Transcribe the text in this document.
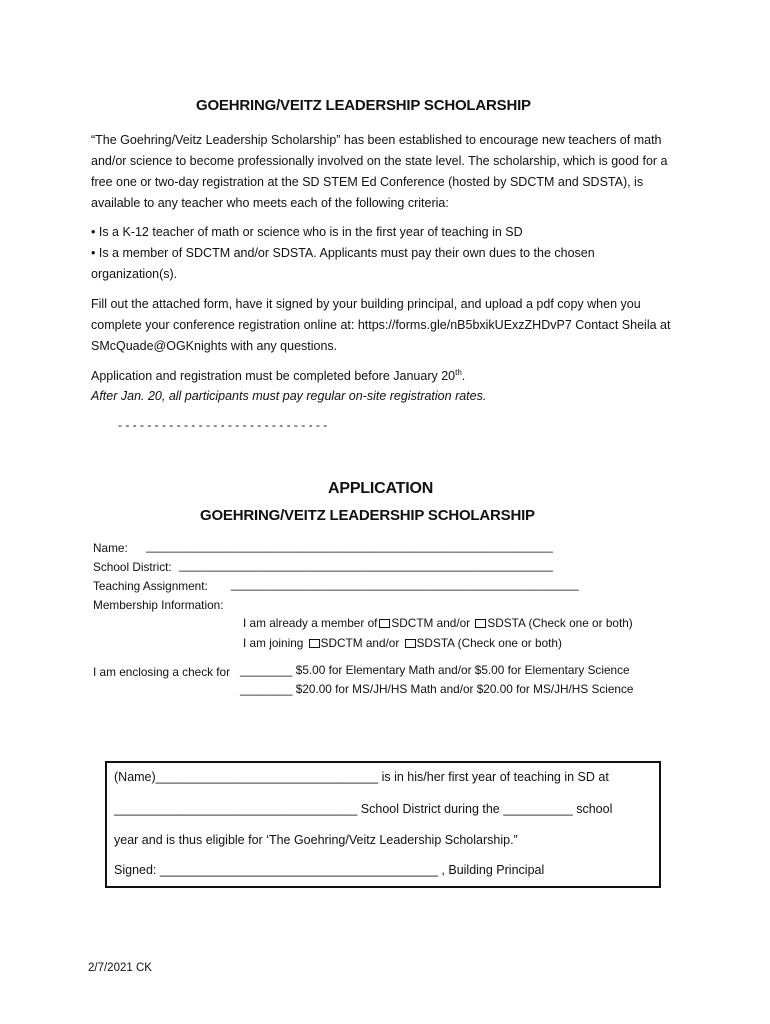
GOEHRING/VEITZ LEADERSHIP SCHOLARSHIP
“The Goehring/Veitz Leadership Scholarship” has been established to encourage new teachers of math and/or science to become professionally involved on the state level. The scholarship, which is good for a free one or two-day registration at the SD STEM Ed Conference (hosted by SDCTM and SDSTA), is available to any teacher who meets each of the following criteria:
• Is a K-12 teacher of math or science who is in the first year of teaching in SD
• Is a member of SDCTM and/or SDSTA. Applicants must pay their own dues to the chosen organization(s).
Fill out the attached form, have it signed by your building principal, and upload a pdf copy when you complete your conference registration online at: https://forms.gle/nB5bxikUExzZHDvP7 Contact Sheila at SMcQuade@OGKnights with any questions.
Application and registration must be completed before January 20th.
After Jan. 20, all participants must pay regular on-site registration rates.
- - - - - - - - - - - - - - - - - - - - - - - - - - - - -
APPLICATION
GOEHRING/VEITZ LEADERSHIP SCHOLARSHIP
Name: ______________________________________________________________
School District: _________________________________________________________
Teaching Assignment: _____________________________________________________
Membership Information:
I am already a member of SDCTM and/or SDSTA (Check one or both)
I am joining SDCTM and/or SDSTA (Check one or both)
I am enclosing a check for ________ $5.00 for Elementary Math and/or $5.00 for Elementary Science
________ $20.00 for MS/JH/HS Math and/or $20.00 for MS/JH/HS Science
(Name)________________________________ is in his/her first year of teaching in SD at
___________________________________ School District during the __________ school
year and is thus eligible for ‘The Goehring/Veitz Leadership Scholarship.”
Signed: ________________________________________ , Building Principal
2/7/2021 CK
